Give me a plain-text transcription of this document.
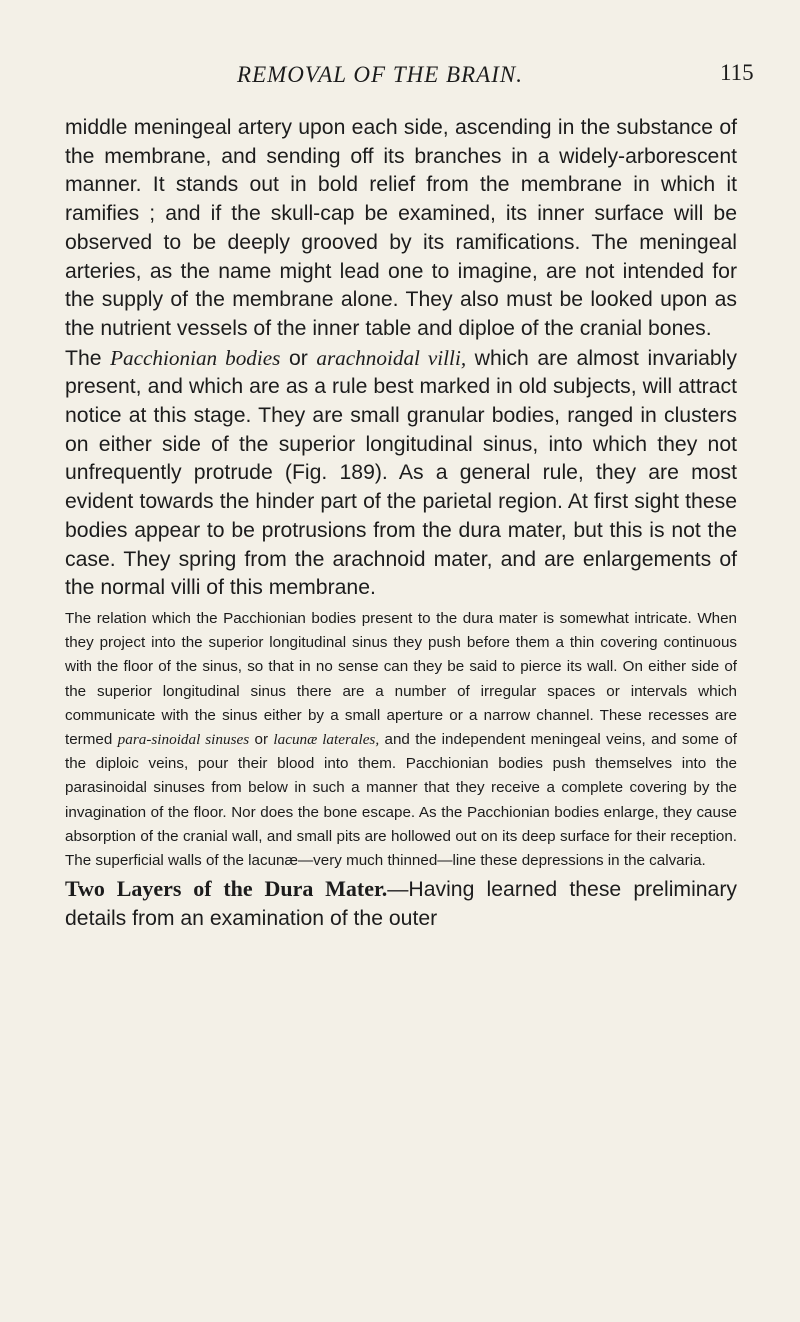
REMOVAL OF THE BRAIN.	115

middle meningeal artery upon each side, ascending in the substance of the membrane, and sending off its branches in a widely-arborescent manner. It stands out in bold relief from the membrane in which it ramifies ; and if the skull-cap be examined, its inner surface will be observed to be deeply grooved by its ramifications. The meningeal arteries, as the name might lead one to imagine, are not intended for the supply of the membrane alone. They also must be looked upon as the nutrient vessels of the inner table and diploe of the cranial bones.

The Pacchionian bodies or arachnoidal villi, which are almost invariably present, and which are as a rule best marked in old subjects, will attract notice at this stage. They are small granular bodies, ranged in clusters on either side of the superior longitudinal sinus, into which they not unfrequently protrude (Fig. 189). As a general rule, they are most evident towards the hinder part of the parietal region. At first sight these bodies appear to be protrusions from the dura mater, but this is not the case. They spring from the arachnoid mater, and are enlargements of the normal villi of this membrane.

The relation which the Pacchionian bodies present to the dura mater is somewhat intricate. When they project into the superior longitudinal sinus they push before them a thin covering continuous with the floor of the sinus, so that in no sense can they be said to pierce its wall. On either side of the superior longitudinal sinus there are a number of irregular spaces or intervals which communicate with the sinus either by a small aperture or a narrow channel. These recesses are termed para-sinoidal sinuses or lacunæ laterales, and the independent meningeal veins, and some of the diploic veins, pour their blood into them. Pacchionian bodies push themselves into the parasinoidal sinuses from below in such a manner that they receive a complete covering by the invagination of the floor. Nor does the bone escape. As the Pacchionian bodies enlarge, they cause absorption of the cranial wall, and small pits are hollowed out on its deep surface for their reception. The superficial walls of the lacunæ—very much thinned—line these depressions in the calvaria.

Two Layers of the Dura Mater.—Having learned these preliminary details from an examination of the outer
